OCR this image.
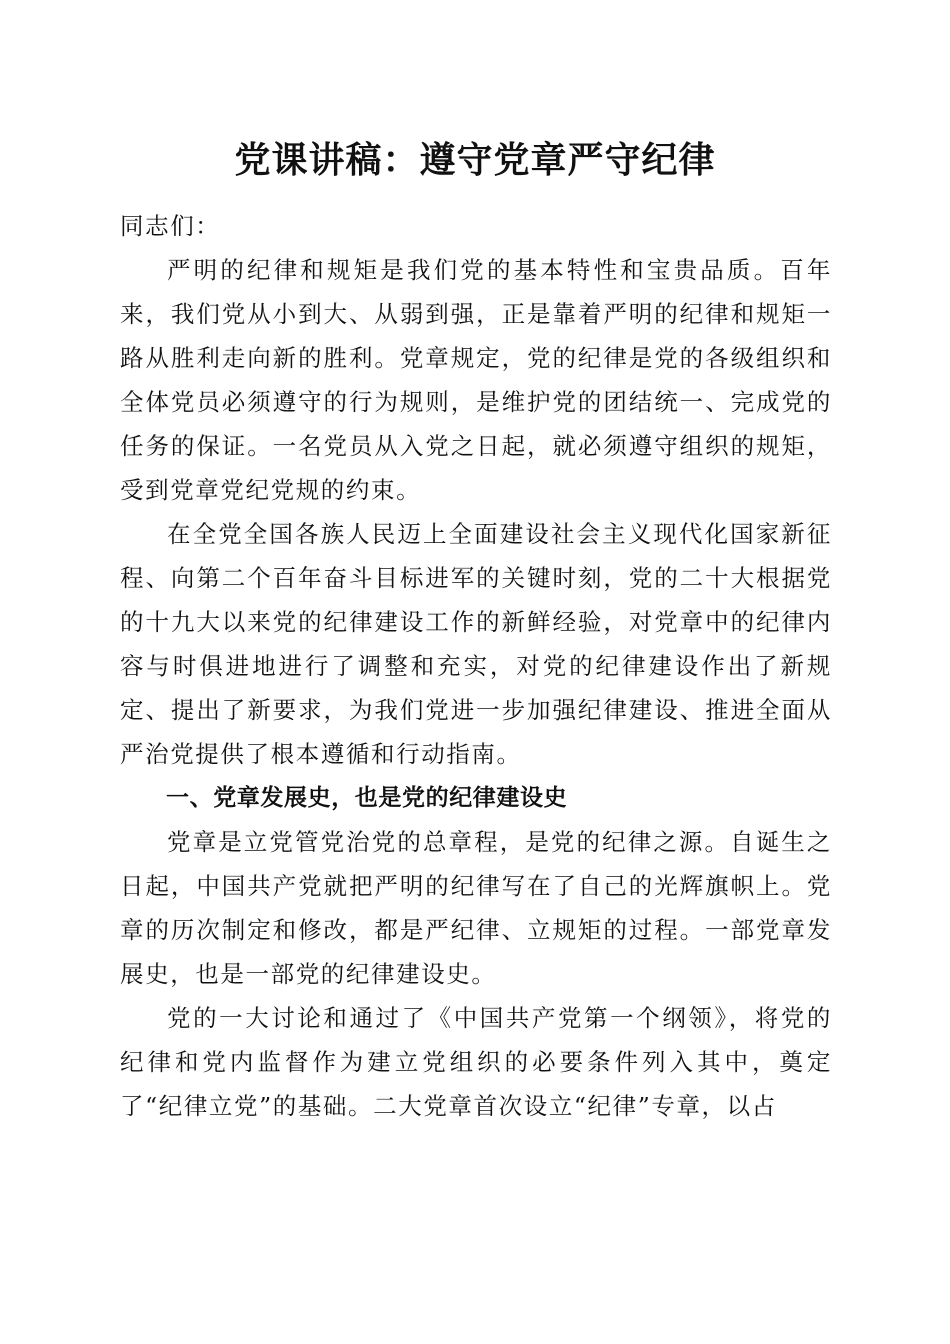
党课讲稿：遵守党章严守纪律

同志们：

严明的纪律和规矩是我们党的基本特性和宝贵品质。百年来，我们党从小到大、从弱到强，正是靠着严明的纪律和规矩一路从胜利走向新的胜利。党章规定，党的纪律是党的各级组织和全体党员必须遵守的行为规则，是维护党的团结统一、完成党的任务的保证。一名党员从入党之日起，就必须遵守组织的规矩，受到党章党纪党规的约束。

在全党全国各族人民迈上全面建设社会主义现代化国家新征程、向第二个百年奋斗目标进军的关键时刻，党的二十大根据党的十九大以来党的纪律建设工作的新鲜经验，对党章中的纪律内容与时俱进地进行了调整和充实，对党的纪律建设作出了新规定、提出了新要求，为我们党进一步加强纪律建设、推进全面从严治党提供了根本遵循和行动指南。

一、党章发展史，也是党的纪律建设史

党章是立党管党治党的总章程，是党的纪律之源。自诞生之日起，中国共产党就把严明的纪律写在了自己的光辉旗帜上。党章的历次制定和修改，都是严纪律、立规矩的过程。一部党章发展史，也是一部党的纪律建设史。

党的一大讨论和通过了《中国共产党第一个纲领》，将党的纪律和党内监督作为建立党组织的必要条件列入其中，奠定了“纪律立党”的基础。二大党章首次设立“纪律”专章，以占
